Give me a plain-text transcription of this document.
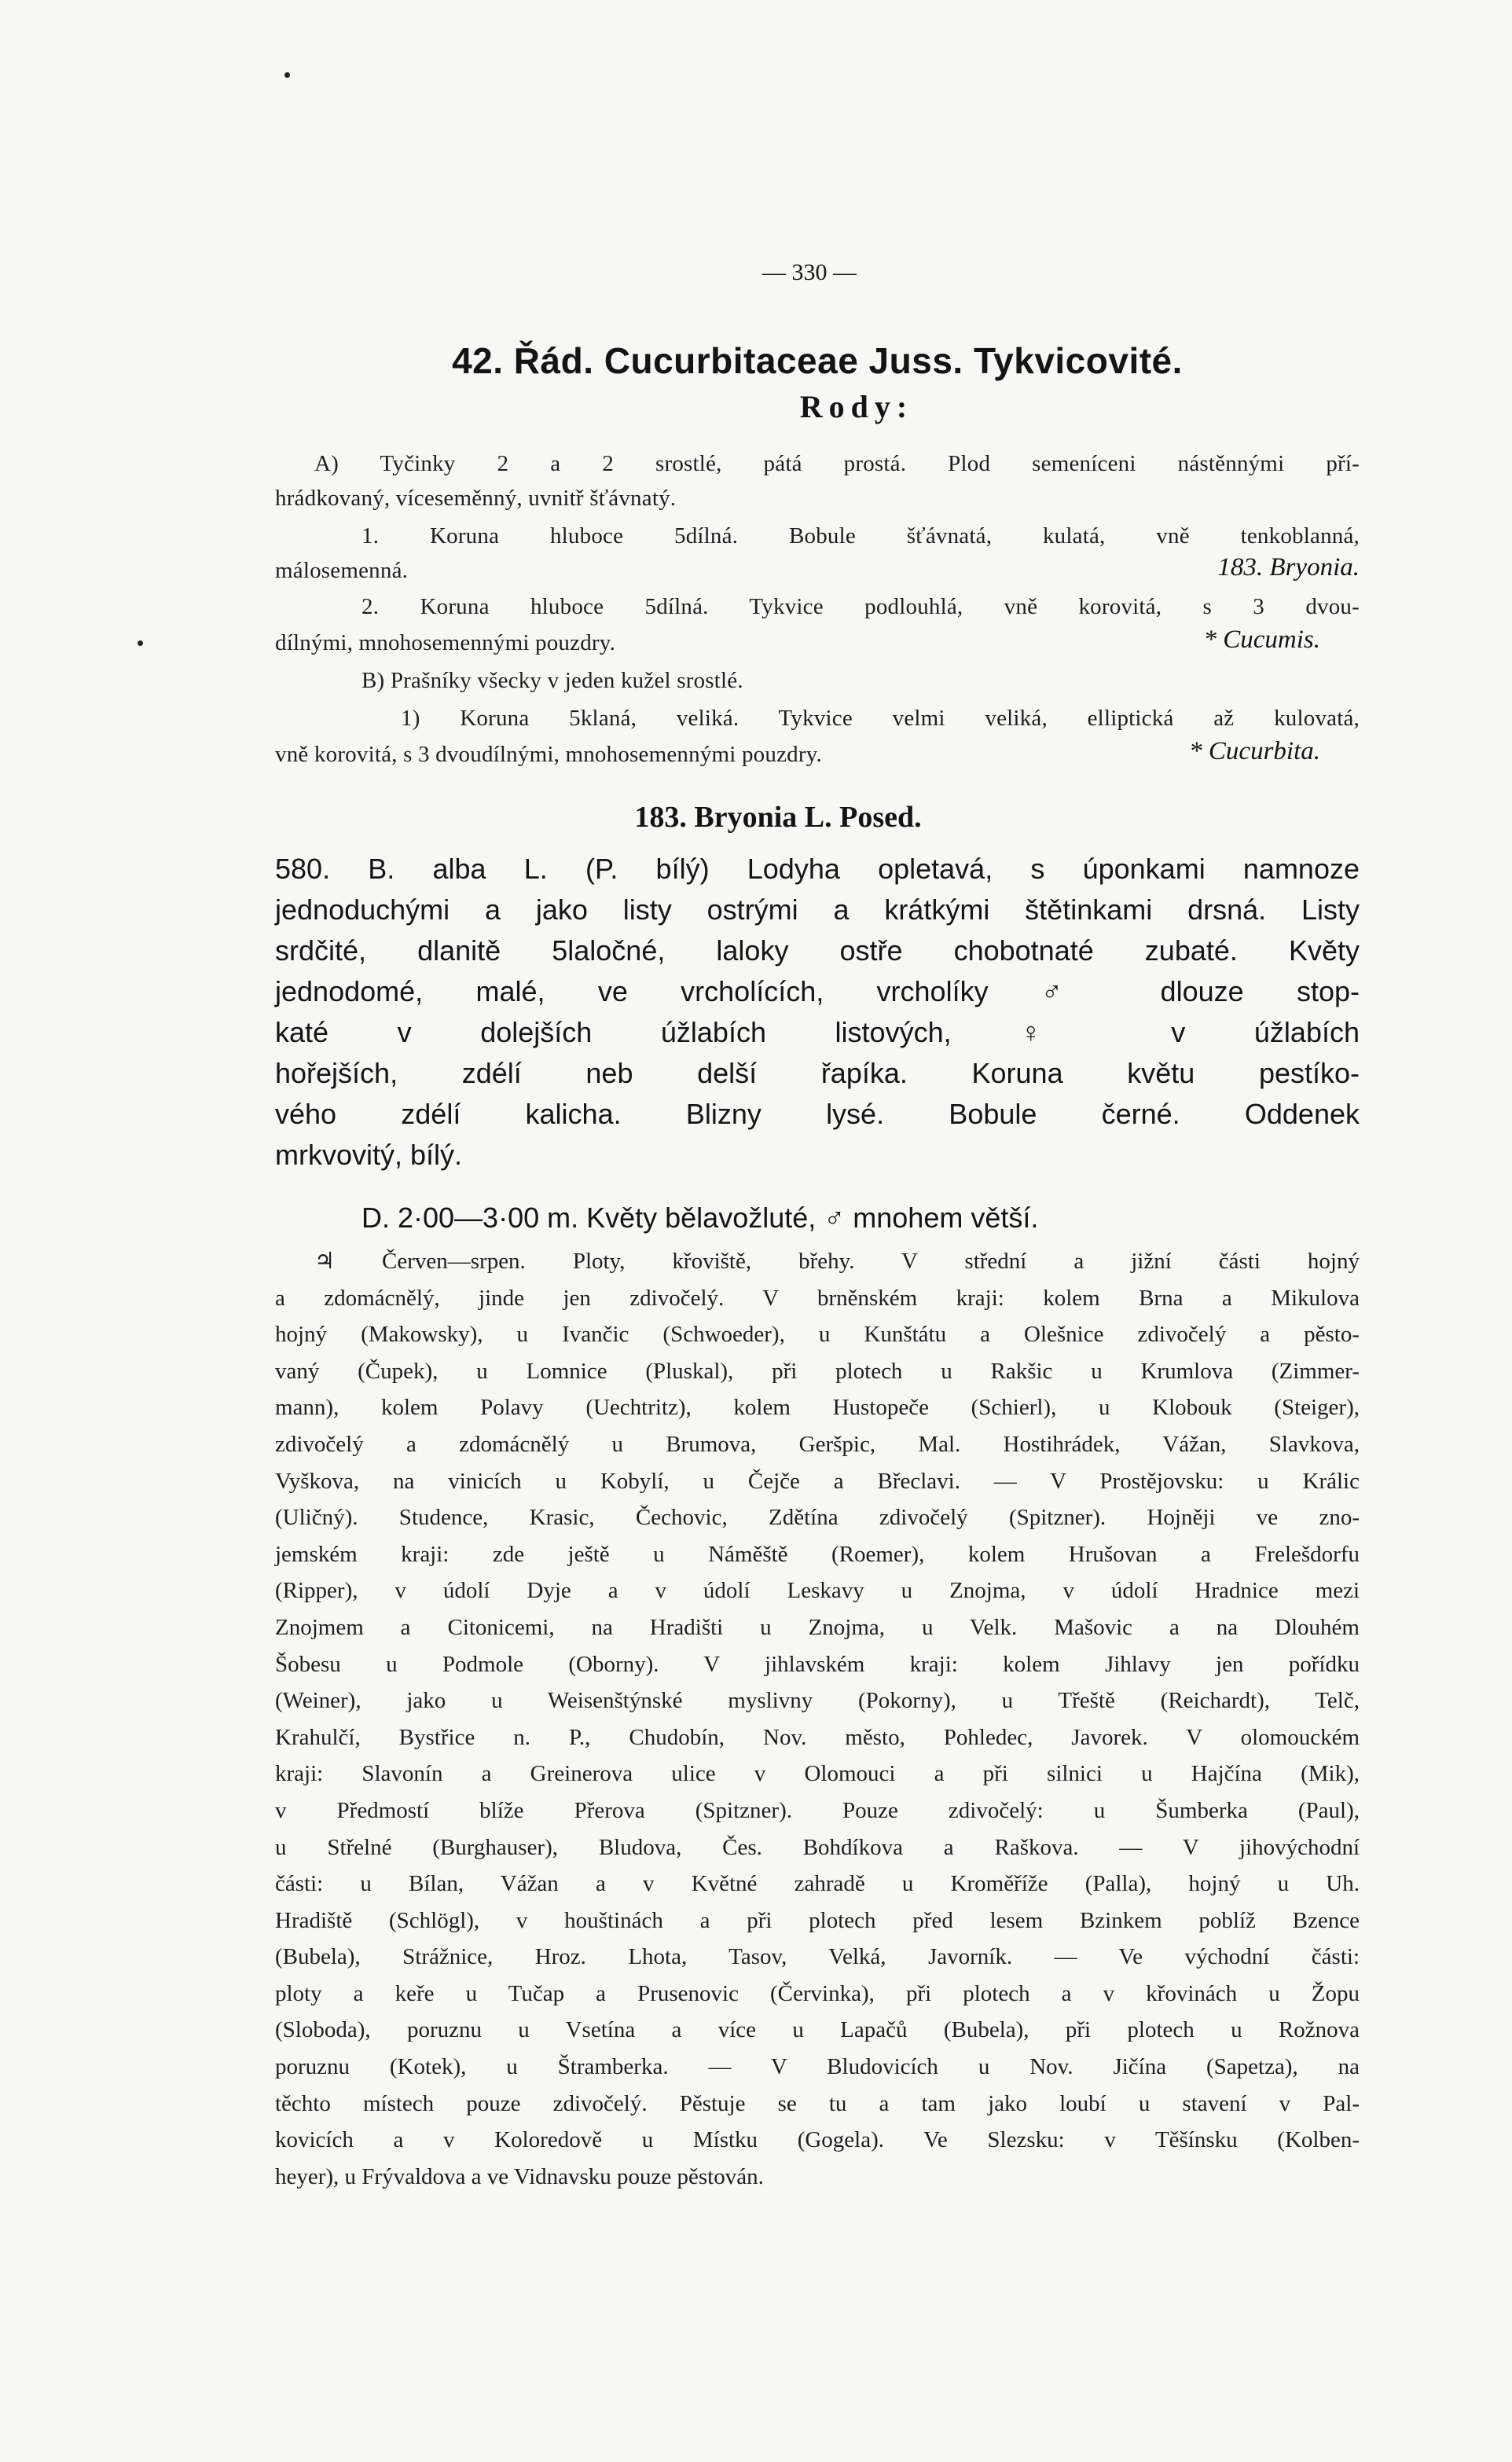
— 330 —
42. Řád. Cucurbitaceae Juss. Tykvicovité.
Rody:
A) Tyčinky 2 a 2 srostlé, pátá prostá. Plod semeníceni nástěnnými pří-
hrádkovaný, víceseměnný, uvnitř šťávnatý.
1. Koruna hluboce 5dílná. Bobule šťávnatá, kulatá, vně tenkoblanná,
málosemenná.	183. Bryonia.
2. Koruna hluboce 5dílná. Tykvice podlouhlá, vně korovitá, s 3 dvou-
dílnými, mnohosemennými pouzdry.	* Cucumis.
B) Prašníky všecky v jeden kužel srostlé.
1) Koruna 5klaná, veliká. Tykvice velmi veliká, elliptická až kulovatá,
vně korovitá, s 3 dvoudílnými, mnohosemennými pouzdry.	* Cucurbita.
183. Bryonia L. Posed.
580. B. alba L. (P. bílý) Lodyha opletavá, s úponkami namnoze
jednoduchými a jako listy ostrými a krátkými štětinkami drsná. Listy
srdčité, dlanitě 5laločné, laloky ostře chobotnaté zubaté. Květy
jednodomé, malé, ve vrcholících, vrcholíky ♂ dlouze stop-
katé v dolejších úžlabích listových, ♀ v úžlabích
hořejších, zdélí neb delší řapíka. Koruna květu pestíko-
vého zdélí kalicha. Blizny lysé. Bobule černé. Oddenek
mrkvovitý, bílý.
D. 2·00—3·00 m. Květy bělavožluté, ♂ mnohem větší.
♃ Červen—srpen. Ploty, křoviště, břehy. V střední a jižní části hojný
a zdomácnělý, jinde jen zdivočelý. V brněnském kraji: kolem Brna a Mikulova
hojný (Makowsky), u Ivančic (Schwoeder), u Kunštátu a Olešnice zdivočelý a pěsto-
vaný (Čupek), u Lomnice (Pluskal), při plotech u Rakšic u Krumlova (Zimmer-
mann), kolem Polavy (Uechtritz), kolem Hustopeče (Schierl), u Klobouk (Steiger),
zdivočelý a zdomácnělý u Brumova, Geršpic, Mal. Hostihrádek, Vážan, Slavkova,
Vyškova, na vinicích u Kobylí, u Čejče a Břeclavi. — V Prostějovsku: u Králic
(Uličný). Studence, Krasic, Čechovic, Zdětína zdivočelý (Spitzner). Hojněji ve zno-
jemském kraji: zde ještě u Náměště (Roemer), kolem Hrušovan a Frelešdorfu
(Ripper), v údolí Dyje a v údolí Leskavy u Znojma, v údolí Hradnice mezi
Znojmem a Citonicemi, na Hradišti u Znojma, u Velk. Mašovic a na Dlouhém
Šobesu u Podmole (Oborny). V jihlavském kraji: kolem Jihlavy jen pořídku
(Weiner), jako u Weisenštýnské myslivny (Pokorny), u Třeště (Reichardt), Telč,
Krahulčí, Bystřice n. P., Chudobín, Nov. město, Pohledec, Javorek. V olomouckém
kraji: Slavonín a Greinerova ulice v Olomouci a při silnici u Hajčína (Mik),
v Předmostí blíže Přerova (Spitzner). Pouze zdivočelý: u Šumberka (Paul),
u Střelné (Burghauser), Bludova, Čes. Bohdíkova a Raškova. — V jihovýchodní
části: u Bílan, Vážan a v Květné zahradě u Kroměříže (Palla), hojný u Uh.
Hradiště (Schlögl), v houštinách a při plotech před lesem Bzinkem poblíž Bzence
(Bubela), Strážnice, Hroz. Lhota, Tasov, Velká, Javorník. — Ve východní části:
ploty a keře u Tučap a Prusenovic (Červinka), při plotech a v křovinách u Žopu
(Sloboda), poruznu u Vsetína a více u Lapačů (Bubela), při plotech u Rožnova
poruznu (Kotek), u Štramberka. — V Bludovicích u Nov. Jičína (Sapetza), na
těchto místech pouze zdivočelý. Pěstuje se tu a tam jako loubí u stavení v Pal-
kovicích a v Koloredově u Místku (Gogela). Ve Slezsku: v Těšínsku (Kolben-
heyer), u Frývaldova a ve Vidnavsku pouze pěstován.
